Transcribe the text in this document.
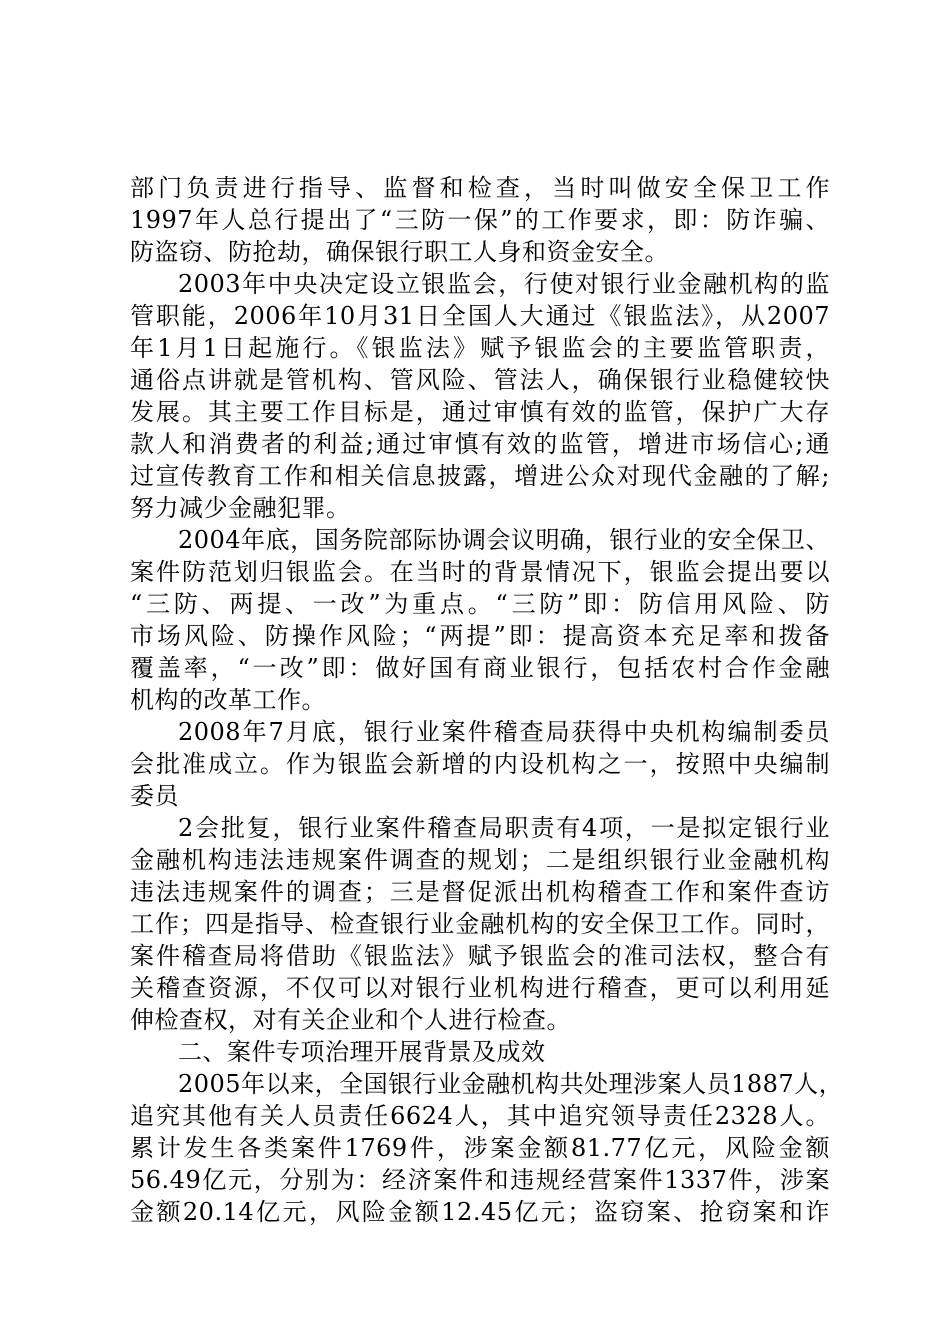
部门负责进行指导、监督和检查，当时叫做安全保卫工作
1997年人总行提出了“三防一保”的工作要求，即：防诈骗、
防盗窃、防抢劫，确保银行职工人身和资金安全。
2003年中央决定设立银监会，行使对银行业金融机构的监
管职能，2006年10月31日全国人大通过《银监法》，从2007
年1月1日起施行。《银监法》赋予银监会的主要监管职责，
通俗点讲就是管机构、管风险、管法人，确保银行业稳健较快
发展。其主要工作目标是，通过审慎有效的监管，保护广大存
款人和消费者的利益;通过审慎有效的监管，增进市场信心;通
过宣传教育工作和相关信息披露，增进公众对现代金融的了解;
努力减少金融犯罪。
2004年底，国务院部际协调会议明确，银行业的安全保卫、
案件防范划归银监会。在当时的背景情况下，银监会提出要以
“三防、两提、一改”为重点。“三防”即：防信用风险、防
市场风险、防操作风险；“两提”即：提高资本充足率和拨备
覆盖率，“一改”即：做好国有商业银行，包括农村合作金融
机构的改革工作。
2008年7月底，银行业案件稽查局获得中央机构编制委员
会批准成立。作为银监会新增的内设机构之一，按照中央编制
委员
2会批复，银行业案件稽查局职责有4项，一是拟定银行业
金融机构违法违规案件调查的规划；二是组织银行业金融机构
违法违规案件的调查；三是督促派出机构稽查工作和案件查访
工作；四是指导、检查银行业金融机构的安全保卫工作。同时，
案件稽查局将借助《银监法》赋予银监会的准司法权，整合有
关稽查资源，不仅可以对银行业机构进行稽查，更可以利用延
伸检查权，对有关企业和个人进行检查。
二、案件专项治理开展背景及成效
2005年以来，全国银行业金融机构共处理涉案人员1887人，
追究其他有关人员责任6624人，其中追究领导责任2328人。
累计发生各类案件1769件，涉案金额81.77亿元，风险金额
56.49亿元，分别为：经济案件和违规经营案件1337件，涉案
金额20.14亿元，风险金额12.45亿元；盗窃案、抢窃案和诈
